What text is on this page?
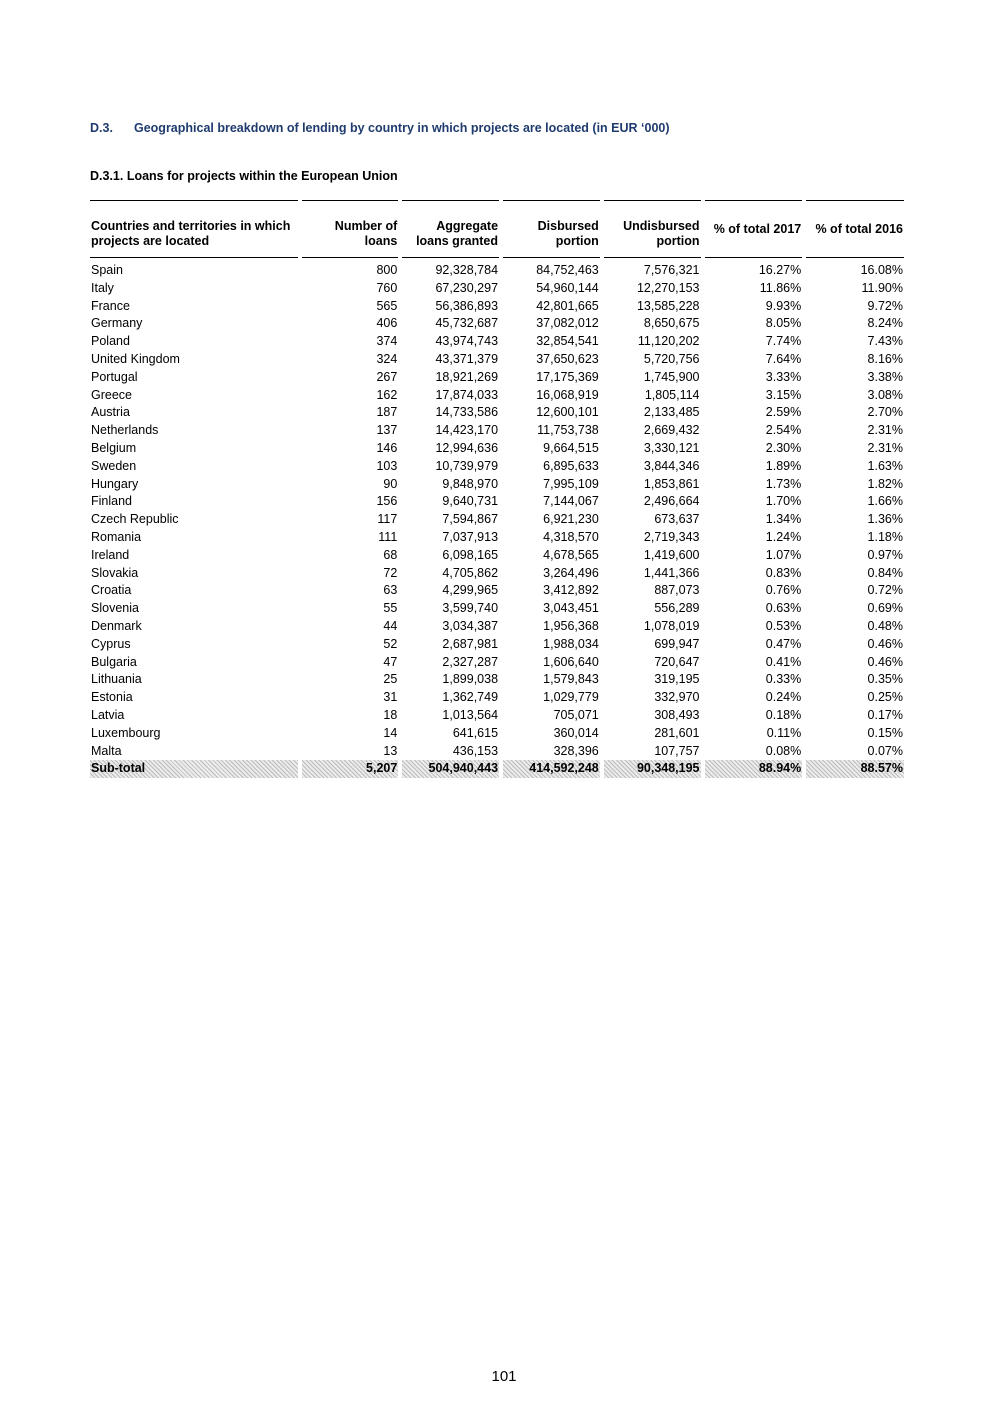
D.3. Geographical breakdown of lending by country in which projects are located (in EUR ‘000)
D.3.1. Loans for projects within the European Union
Countries and territories in which projects are located	Number of loans	Aggregate loans granted	Disbursed portion	Undisbursed portion	% of total 2017	% of total 2016
Spain	800	92,328,784	84,752,463	7,576,321	16.27%	16.08%
Italy	760	67,230,297	54,960,144	12,270,153	11.86%	11.90%
France	565	56,386,893	42,801,665	13,585,228	9.93%	9.72%
Germany	406	45,732,687	37,082,012	8,650,675	8.05%	8.24%
Poland	374	43,974,743	32,854,541	11,120,202	7.74%	7.43%
United Kingdom	324	43,371,379	37,650,623	5,720,756	7.64%	8.16%
Portugal	267	18,921,269	17,175,369	1,745,900	3.33%	3.38%
Greece	162	17,874,033	16,068,919	1,805,114	3.15%	3.08%
Austria	187	14,733,586	12,600,101	2,133,485	2.59%	2.70%
Netherlands	137	14,423,170	11,753,738	2,669,432	2.54%	2.31%
Belgium	146	12,994,636	9,664,515	3,330,121	2.30%	2.31%
Sweden	103	10,739,979	6,895,633	3,844,346	1.89%	1.63%
Hungary	90	9,848,970	7,995,109	1,853,861	1.73%	1.82%
Finland	156	9,640,731	7,144,067	2,496,664	1.70%	1.66%
Czech Republic	117	7,594,867	6,921,230	673,637	1.34%	1.36%
Romania	111	7,037,913	4,318,570	2,719,343	1.24%	1.18%
Ireland	68	6,098,165	4,678,565	1,419,600	1.07%	0.97%
Slovakia	72	4,705,862	3,264,496	1,441,366	0.83%	0.84%
Croatia	63	4,299,965	3,412,892	887,073	0.76%	0.72%
Slovenia	55	3,599,740	3,043,451	556,289	0.63%	0.69%
Denmark	44	3,034,387	1,956,368	1,078,019	0.53%	0.48%
Cyprus	52	2,687,981	1,988,034	699,947	0.47%	0.46%
Bulgaria	47	2,327,287	1,606,640	720,647	0.41%	0.46%
Lithuania	25	1,899,038	1,579,843	319,195	0.33%	0.35%
Estonia	31	1,362,749	1,029,779	332,970	0.24%	0.25%
Latvia	18	1,013,564	705,071	308,493	0.18%	0.17%
Luxembourg	14	641,615	360,014	281,601	0.11%	0.15%
Malta	13	436,153	328,396	107,757	0.08%	0.07%
Sub-total	5,207	504,940,443	414,592,248	90,348,195	88.94%	88.57%
101
